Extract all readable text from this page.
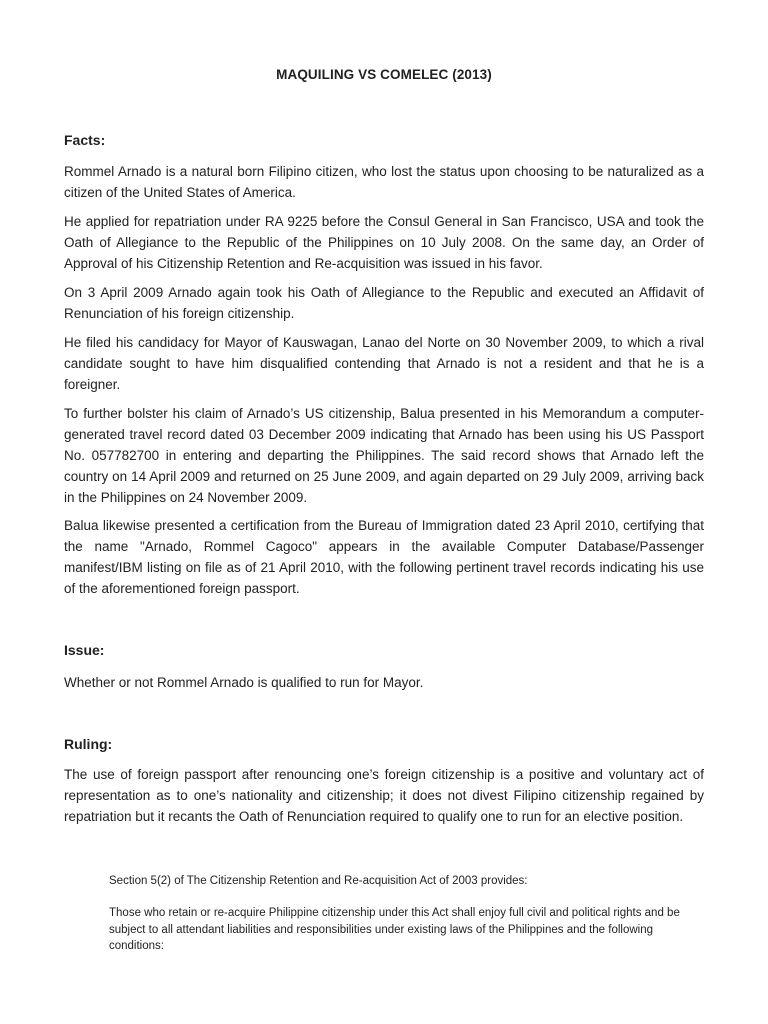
MAQUILING VS COMELEC (2013)
Facts:

Rommel Arnado is a natural born Filipino citizen, who lost the status upon choosing to be naturalized as a citizen of the United States of America.

He applied for repatriation under RA 9225 before the Consul General in San Francisco, USA and took the Oath of Allegiance to the Republic of the Philippines on 10 July 2008. On the same day, an Order of Approval of his Citizenship Retention and Re-acquisition was issued in his favor.

On 3 April 2009 Arnado again took his Oath of Allegiance to the Republic and executed an Affidavit of Renunciation of his foreign citizenship.

He filed his candidacy for Mayor of Kauswagan, Lanao del Norte on 30 November 2009, to which a rival candidate sought to have him disqualified contending that Arnado is not a resident and that he is a foreigner.

To further bolster his claim of Arnado’s US citizenship, Balua presented in his Memorandum a computer-generated travel record dated 03 December 2009 indicating that Arnado has been using his US Passport No. 057782700 in entering and departing the Philippines. The said record shows that Arnado left the country on 14 April 2009 and returned on 25 June 2009, and again departed on 29 July 2009, arriving back in the Philippines on 24 November 2009.

Balua likewise presented a certification from the Bureau of Immigration dated 23 April 2010, certifying that the name "Arnado, Rommel Cagoco" appears in the available Computer Database/Passenger manifest/IBM listing on file as of 21 April 2010, with the following pertinent travel records indicating his use of the aforementioned foreign passport.

Issue:

Whether or not Rommel Arnado is qualified to run for Mayor.

Ruling:

The use of foreign passport after renouncing one’s foreign citizenship is a positive and voluntary act of representation as to one’s nationality and citizenship; it does not divest Filipino citizenship regained by repatriation but it recants the Oath of Renunciation required to qualify one to run for an elective position.

Section 5(2) of The Citizenship Retention and Re-acquisition Act of 2003 provides:

Those who retain or re-acquire Philippine citizenship under this Act shall enjoy full civil and political rights and be subject to all attendant liabilities and responsibilities under existing laws of the Philippines and the following conditions:
